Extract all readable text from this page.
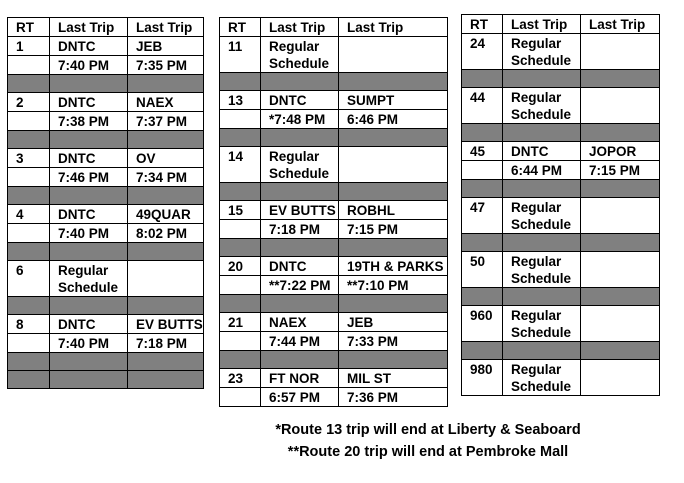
RT	Last Trip	Last Trip
1	DNTC	JEB
	7:40 PM	7:35 PM

2	DNTC	NAEX
	7:38 PM	7:37 PM

3	DNTC	OV
	7:46 PM	7:34 PM

4	DNTC	49QUAR
	7:40 PM	8:02 PM

6	Regular Schedule	

8	DNTC	EV BUTTS
	7:40 PM	7:18 PM

RT	Last Trip	Last Trip
11	Regular Schedule	

13	DNTC	SUMPT
	*7:48 PM	6:46 PM

14	Regular Schedule	

15	EV BUTTS	ROBHL
	7:18 PM	7:15 PM

20	DNTC	19TH & PARKS
	**7:22 PM	**7:10 PM

21	NAEX	JEB
	7:44 PM	7:33 PM

23	FT NOR	MIL ST
	6:57 PM	7:36 PM
RT	Last Trip	Last Trip
24	Regular Schedule	

44	Regular Schedule	

45	DNTC	JOPOR
	6:44 PM	7:15 PM

47	Regular Schedule	

50	Regular Schedule	

960	Regular Schedule	

980	Regular Schedule	
*Route 13 trip will end at Liberty & Seaboard
**Route 20 trip will end at Pembroke Mall
